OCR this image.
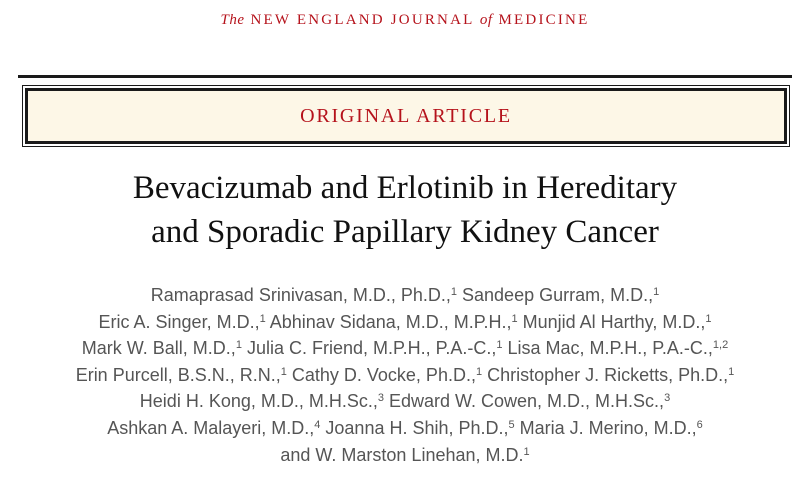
The NEW ENGLAND JOURNAL of MEDICINE
ORIGINAL ARTICLE
Bevacizumab and Erlotinib in Hereditary
and Sporadic Papillary Kidney Cancer
Ramaprasad Srinivasan, M.D., Ph.D.,$^1$ Sandeep Gurram, M.D.,$^1$
Eric A. Singer, M.D.,$^1$ Abhinav Sidana, M.D., M.P.H.,$^1$ Munjid Al Harthy, M.D.,$^1$
Mark W. Ball, M.D.,$^1$ Julia C. Friend, M.P.H., P.A.-C.,$^1$ Lisa Mac, M.P.H., P.A.-C.,$^{1,2}$
Erin Purcell, B.S.N., R.N.,$^1$ Cathy D. Vocke, Ph.D.,$^1$ Christopher J. Ricketts, Ph.D.,$^1$
Heidi H. Kong, M.D., M.H.Sc.,$^3$ Edward W. Cowen, M.D., M.H.Sc.,$^3$
Ashkan A. Malayeri, M.D.,$^4$ Joanna H. Shih, Ph.D.,$^5$ Maria J. Merino, M.D.,$^6$
and W. Marston Linehan, M.D.$^1$
